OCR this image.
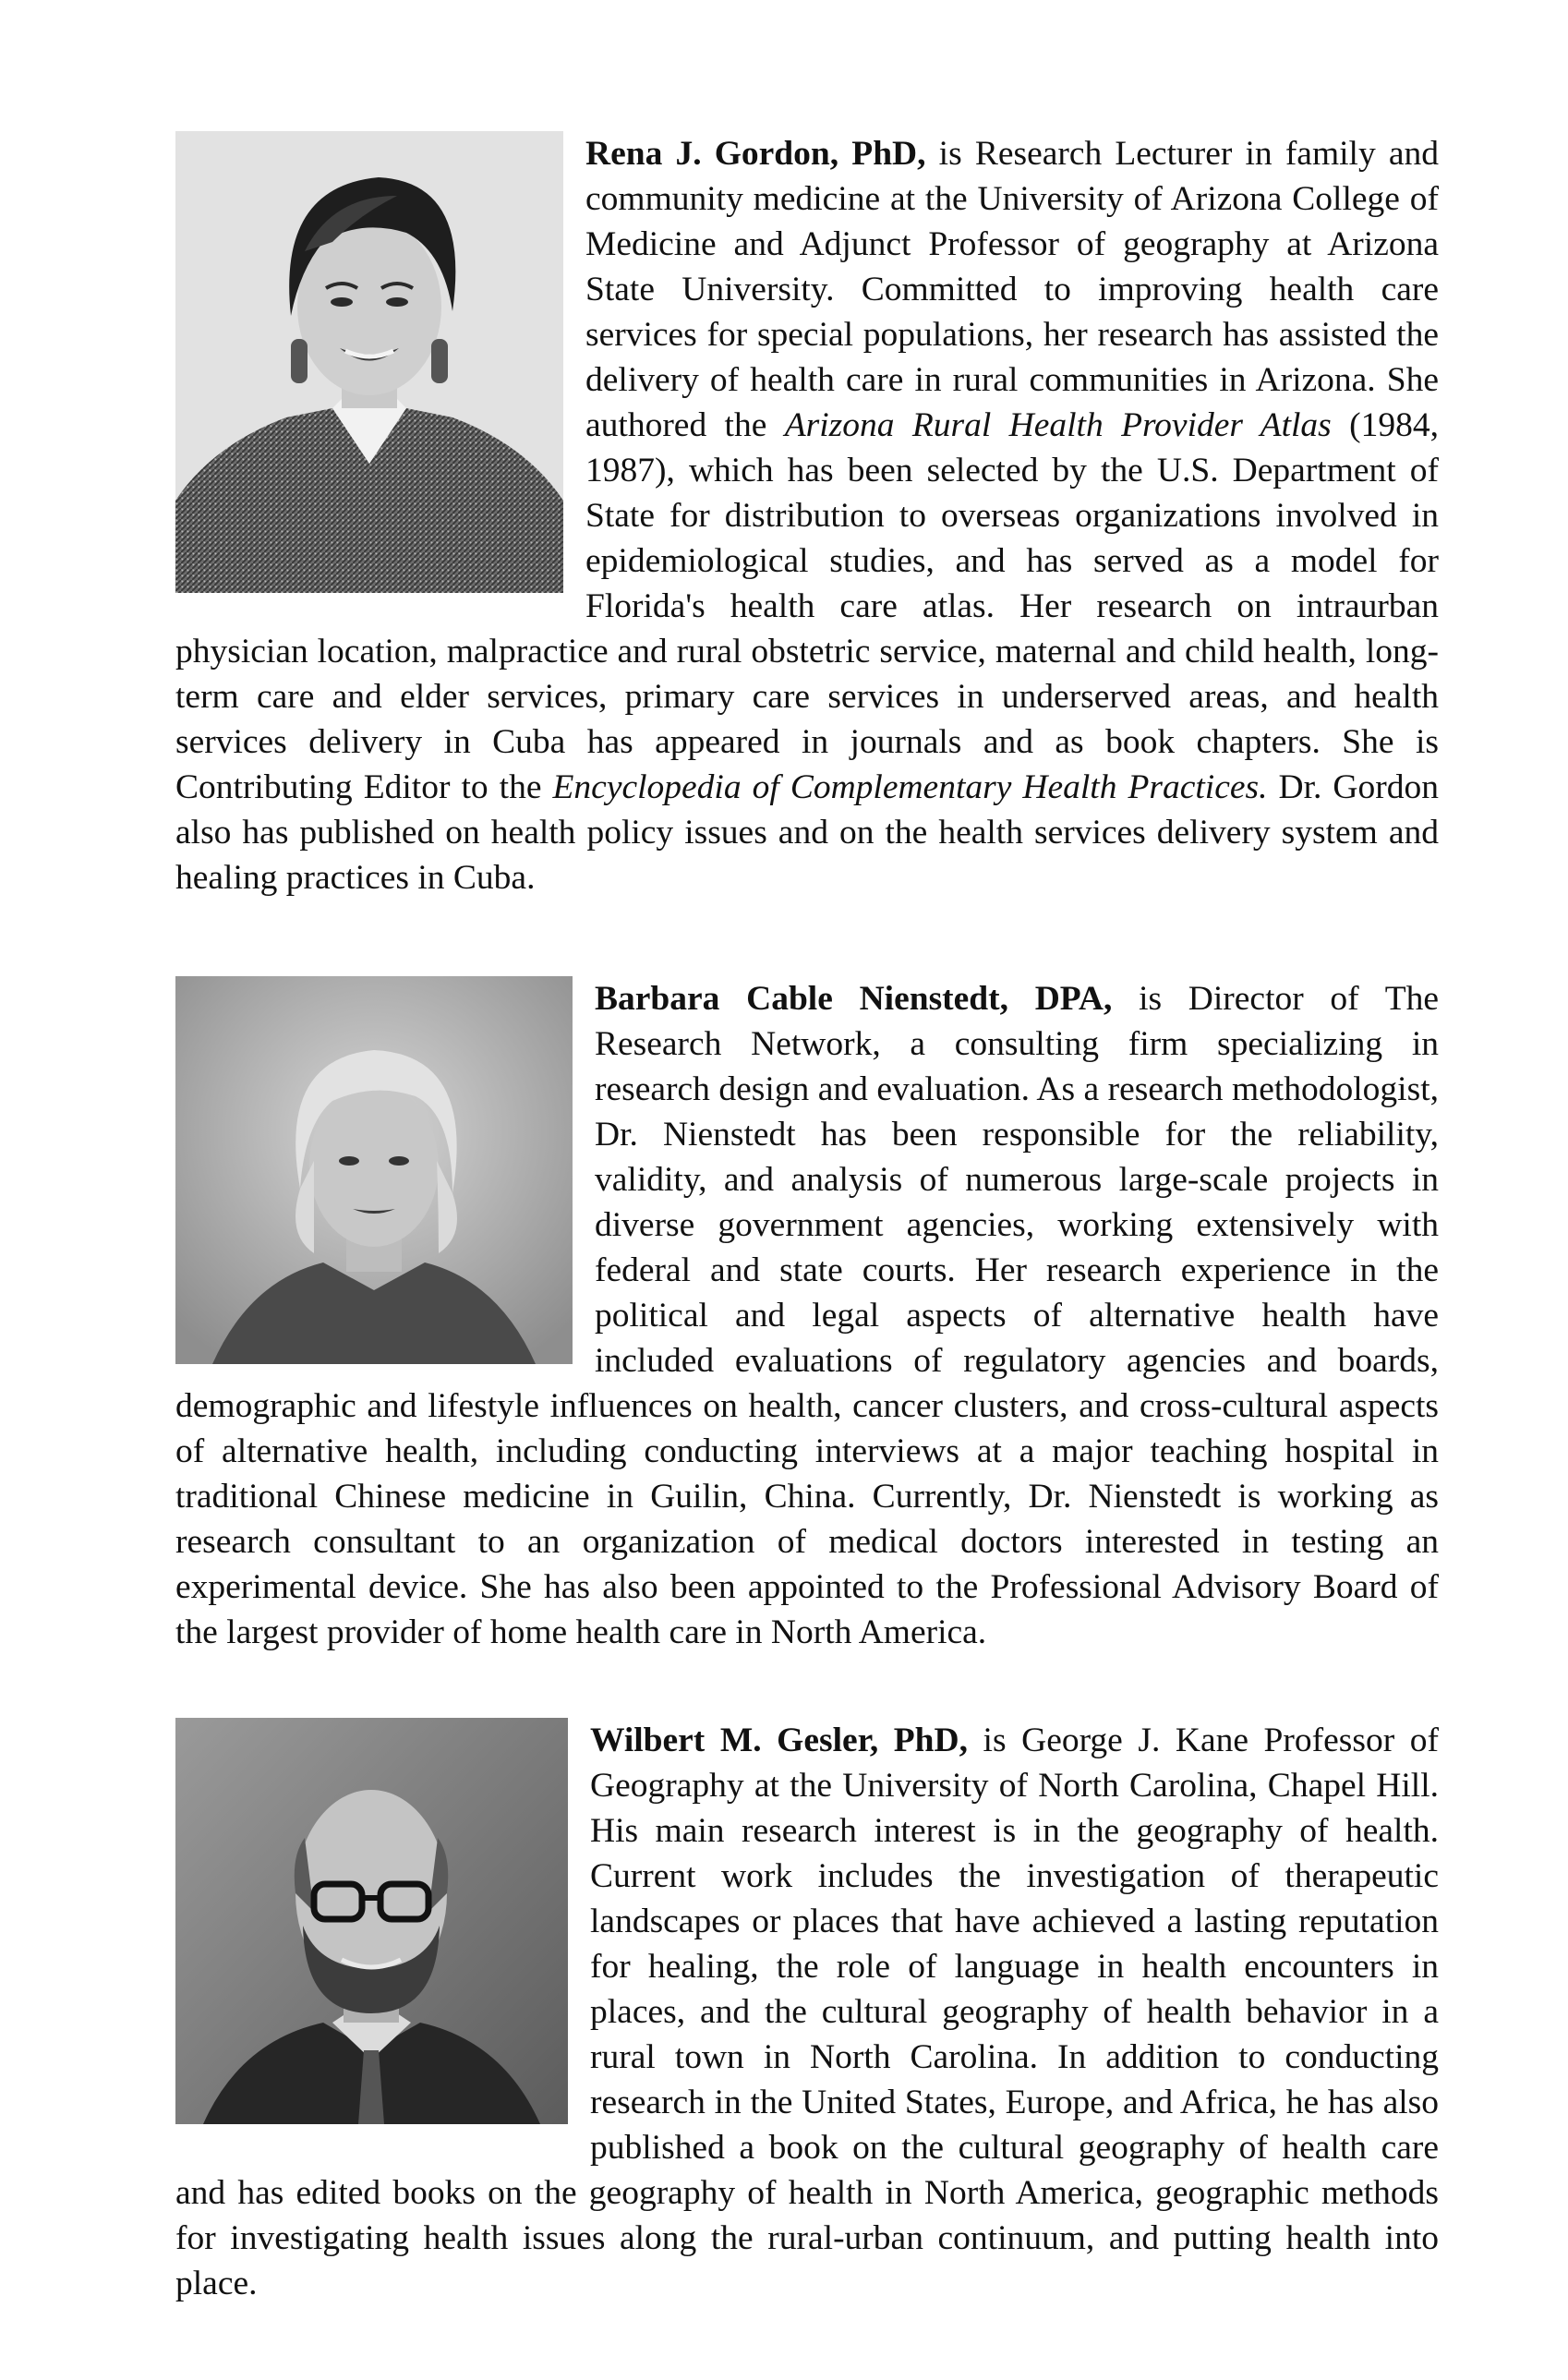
Rena J. Gordon, PhD, is Research Lecturer in family and community medicine at the University of Arizona College of Medicine and Adjunct Professor of geography at Arizona State University. Committed to improving health care services for special populations, her research has assisted the delivery of health care in rural communities in Arizona. She authored the Arizona Rural Health Provider Atlas (1984, 1987), which has been selected by the U.S. Department of State for distribution to overseas organizations involved in epidemiological studies, and has served as a model for Florida's health care atlas. Her research on intraurban physician location, malpractice and rural obstetric service, maternal and child health, long-term care and elder services, primary care services in underserved areas, and health services delivery in Cuba has appeared in journals and as book chapters. She is Contributing Editor to the Encyclopedia of Complementary Health Practices. Dr. Gordon also has published on health policy issues and on the health services delivery system and healing practices in Cuba.

Barbara Cable Nienstedt, DPA, is Director of The Research Network, a consulting firm specializing in research design and evaluation. As a research methodologist, Dr. Nienstedt has been responsible for the reliability, validity, and analysis of numerous large-scale projects in diverse government agencies, working extensively with federal and state courts. Her research experience in the political and legal aspects of alternative health have included evaluations of regulatory agencies and boards, demographic and lifestyle influences on health, cancer clusters, and cross-cultural aspects of alternative health, including conducting interviews at a major teaching hospital in traditional Chinese medicine in Guilin, China. Currently, Dr. Nienstedt is working as research consultant to an organization of medical doctors interested in testing an experimental device. She has also been appointed to the Professional Advisory Board of the largest provider of home health care in North America.

Wilbert M. Gesler, PhD, is George J. Kane Professor of Geography at the University of North Carolina, Chapel Hill. His main research interest is in the geography of health. Current work includes the investigation of therapeutic landscapes or places that have achieved a lasting reputation for healing, the role of language in health encounters in places, and the cultural geography of health behavior in a rural town in North Carolina. In addition to conducting research in the United States, Europe, and Africa, he has also published a book on the cultural geography of health care and has edited books on the geography of health in North America, geographic methods for investigating health issues along the rural-urban continuum, and putting health into place.
